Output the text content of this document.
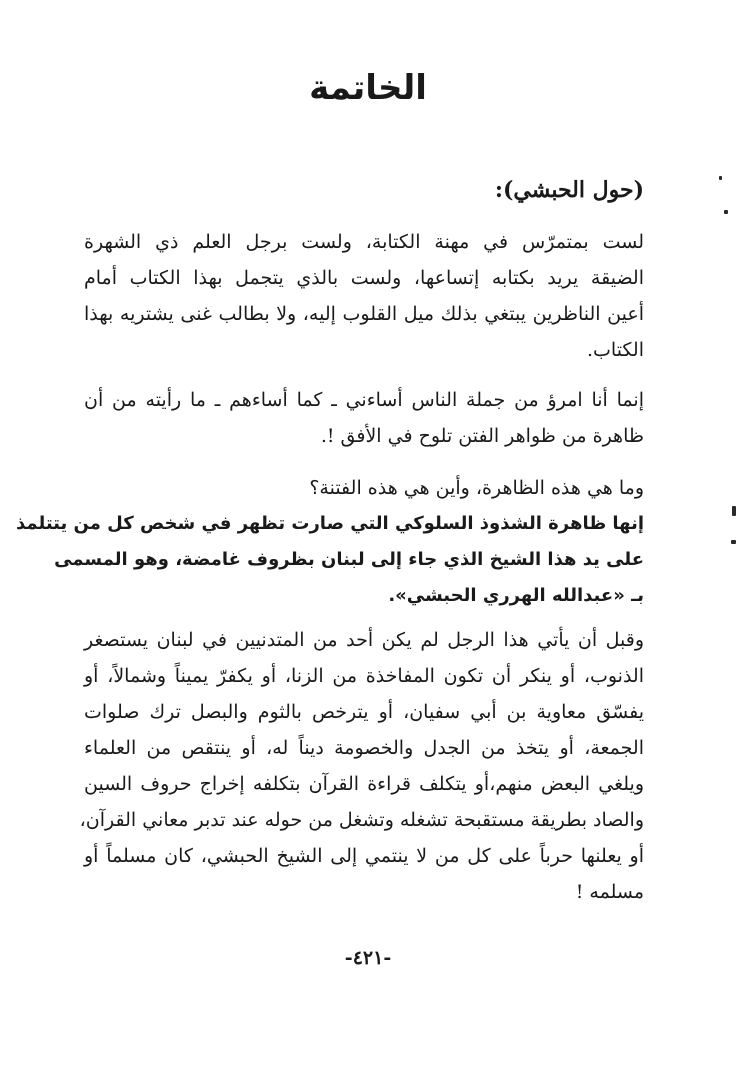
الخاتمة
(حول الحبشي):
لست بمتمرّس في مهنة الكتابة، ولست برجل العلم ذي الشهرة
الضيقة يريد بكتابه إتساعها، ولست بالذي يتجمل بهذا الكتاب أمام
أعين الناظرين يبتغي بذلك ميل القلوب إليه، ولا بطالب غنى يشتريه بهذا
الكتاب.
إنما أنا امرؤ من جملة الناس أساءني ـ كما أساءهم ـ ما رأيته من أن
ظاهرة من ظواهر الفتن تلوح في الأفق !.
وما هي هذه الظاهرة، وأين هي هذه الفتنة؟
إنها ظاهرة الشذوذ السلوكي التي صارت تظهر في شخص كل من يتتلمذ
على يد هذا الشيخ الذي جاء إلى لبنان بظروف غامضة، وهو المسمى
بـ «عبدالله الهرري الحبشي».
وقبل أن يأتي هذا الرجل لم يكن أحد من المتدنيين في لبنان يستصغر
الذنوب، أو ينكر أن تكون المفاخذة من الزنا، أو يكفرّ يميناً وشمالاً، أو
يفسّق معاوية بن أبي سفيان، أو يترخص بالثوم والبصل ترك صلوات
الجمعة، أو يتخذ من الجدل والخصومة ديناً له، أو ينتقص من العلماء
ويلغي البعض منهم،أو يتكلف قراءة القرآن بتكلفه إخراج حروف السين
والصاد بطريقة مستقبحة تشغله وتشغل من حوله عند تدبر معاني القرآن،
أو يعلنها حرباً على كل من لا ينتمي إلى الشيخ الحبشي، كان مسلماً أو
مسلمه !
-٤٢١-
